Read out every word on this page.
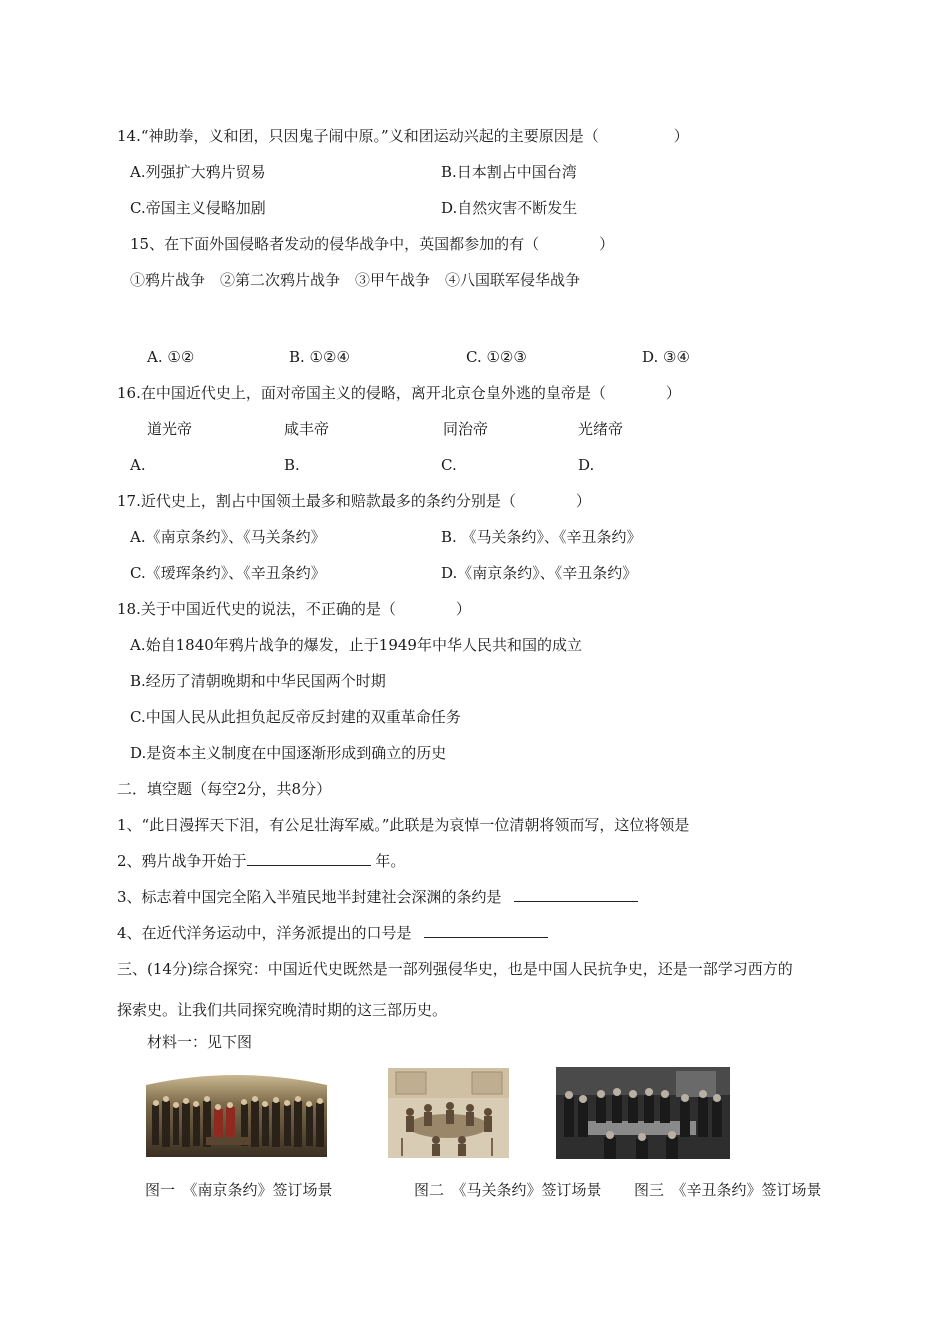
14.“神助拳，义和团，只因鬼子闹中原。”义和团运动兴起的主要原因是（　　　　　）
A.列强扩大鸦片贸易	B.日本割占中国台湾
C.帝国主义侵略加剧	D.自然灾害不断发生
15、在下面外国侵略者发动的侵华战争中，英国都参加的有（　　　　）
①鸦片战争　②第二次鸦片战争　③甲午战争　④八国联军侵华战争
A. ①②	B. ①②④	C. ①②③	D. ③④
16.在中国近代史上，面对帝国主义的侵略，离开北京仓皇外逃的皇帝是（　　　　）
道光帝	咸丰帝	同治帝	光绪帝
A.	B.	C.	D.
17.近代史上，割占中国领土最多和赔款最多的条约分别是（　　　　）
A.《南京条约》、《马关条约》	B. 《马关条约》、《辛丑条约》
C.《瑷珲条约》、《辛丑条约》	D.《南京条约》、《辛丑条约》
18.关于中国近代史的说法，不正确的是（　　　　）
A.始自1840年鸦片战争的爆发，止于1949年中华人民共和国的成立
B.经历了清朝晚期和中华民国两个时期
C.中国人民从此担负起反帝反封建的双重革命任务
D.是资本主义制度在中国逐渐形成到确立的历史
二．填空题（每空2分，共8分）
1、“此日漫挥天下泪，有公足壮海军威。”此联是为哀悼一位清朝将领而写，这位将领是
2、鸦片战争开始于	年。
3、标志着中国完全陷入半殖民地半封建社会深渊的条约是
4、在近代洋务运动中，洋务派提出的口号是
三、(14分)综合探究：中国近代史既然是一部列强侵华史，也是中国人民抗争史，还是一部学习西方的
探索史。让我们共同探究晚清时期的这三部历史。
材料一：见下图
图一　《南京条约》签订场景	图二　《马关条约》签订场景 图三　《辛丑条约》签订场景
